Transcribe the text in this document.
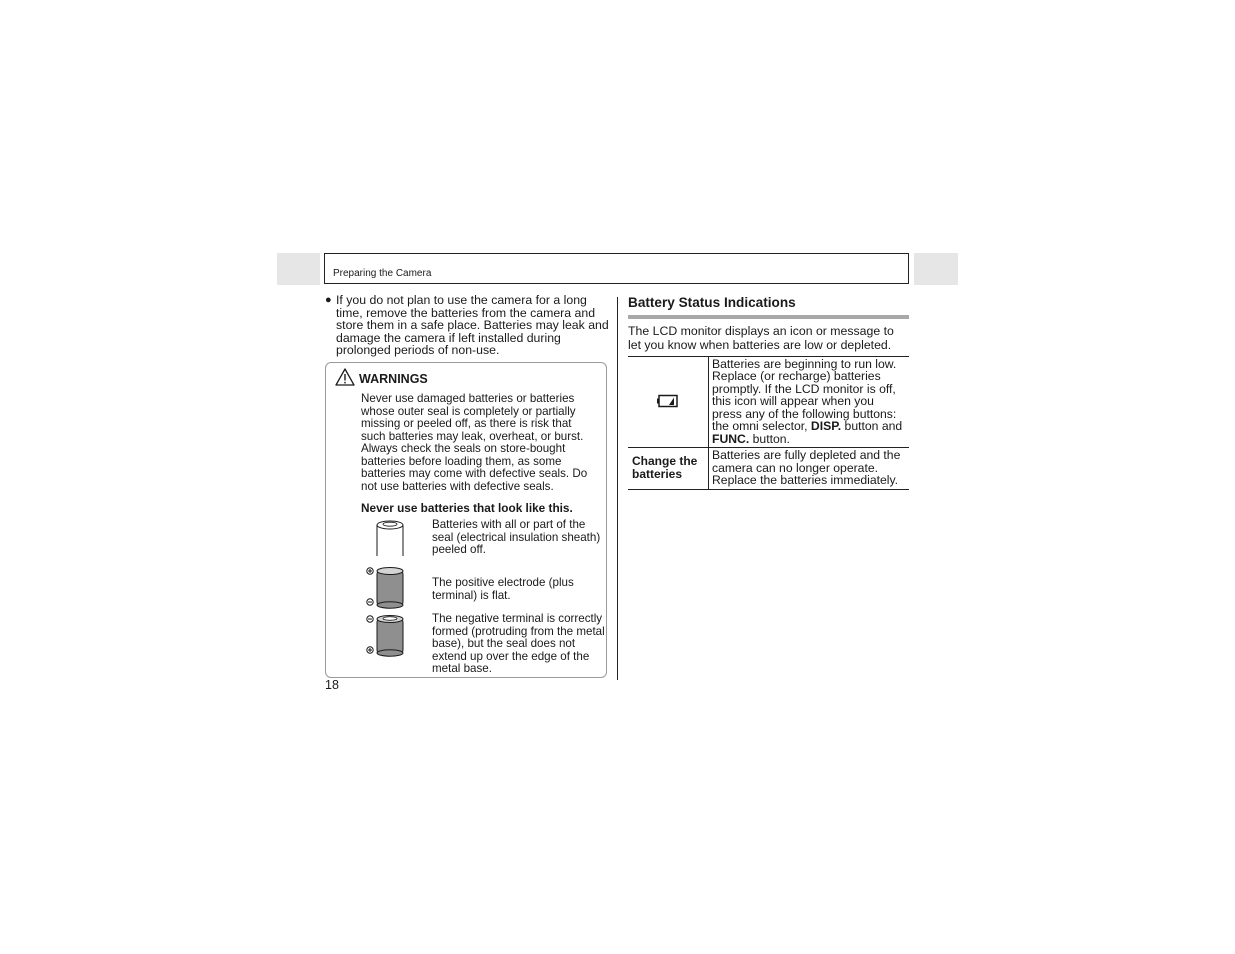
Preparing the Camera
● If you do not plan to use the camera for a long time, remove the batteries from the camera and store them in a safe place. Batteries may leak and damage the camera if left installed during prolonged periods of non-use.
WARNINGS
Never use damaged batteries or batteries whose outer seal is completely or partially missing or peeled off, as there is risk that such batteries may leak, overheat, or burst. Always check the seals on store-bought batteries before loading them, as some batteries may come with defective seals. Do not use batteries with defective seals.
Never use batteries that look like this.
Batteries with all or part of the seal (electrical insulation sheath) peeled off.
The positive electrode (plus terminal) is flat.
The negative terminal is correctly formed (protruding from the metal base), but the seal does not extend up over the edge of the metal base.
18
Battery Status Indications
The LCD monitor displays an icon or message to let you know when batteries are low or depleted.
	Batteries are beginning to run low. Replace (or recharge) batteries promptly. If the LCD monitor is off, this icon will appear when you press any of the following buttons: the omni selector, DISP. button and FUNC. button.

Change the batteries	Batteries are fully depleted and the camera can no longer operate. Replace the batteries immediately.
